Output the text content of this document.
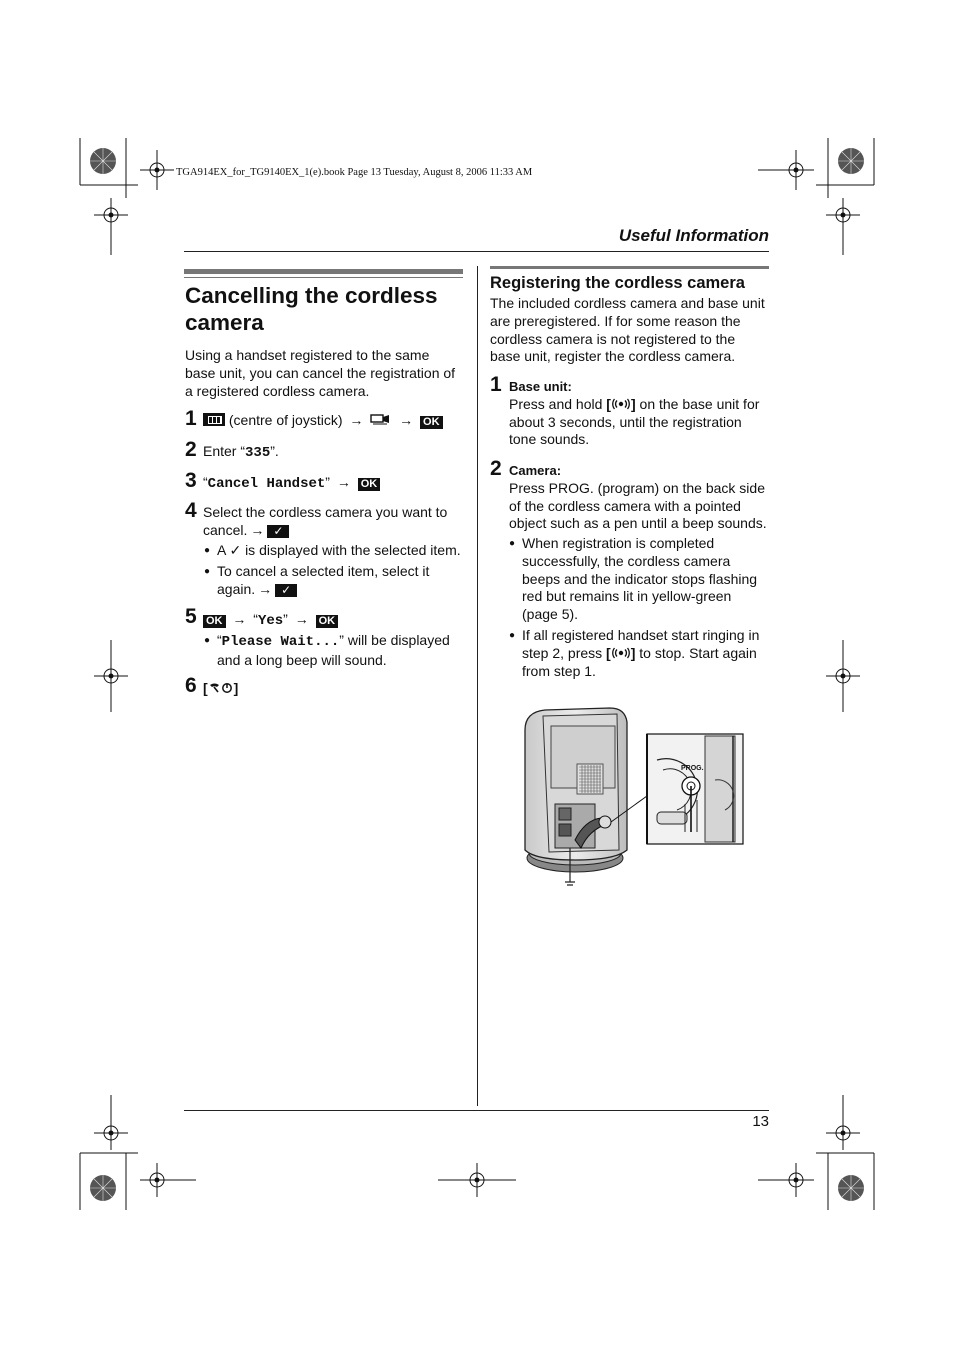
TGA914EX_for_TG9140EX_1(e).book Page 13 Tuesday, August 8, 2006 11:33 AM
Useful Information
13
Cancelling the cordless
camera
Using a handset registered to the same
base unit, you can cancel the registration of
a registered cordless camera.
1	(centre of joystick) →	→ OK
2 Enter “335”.
3 “Cancel Handset” → OK
4 Select the cordless camera you want to
cancel. → ✓
● A ✓ is displayed with the selected item.
● To cancel a selected item, select it
again. → ✓
5 OK → “Yes” → OK
● “Please Wait...” will be displayed
and a long beep will sound.
6 [ ]
Registering the cordless camera
The included cordless camera and base unit
are preregistered. If for some reason the
cordless camera is not registered to the
base unit, register the cordless camera.
1 Base unit:
Press and hold [ ] on the base unit for
about 3 seconds, until the registration
tone sounds.
2 Camera:
Press PROG. (program) on the back side
of the cordless camera with a pointed
object such as a pen until a beep sounds.
● When registration is completed
successfully, the cordless camera
beeps and the indicator stops flashing
red but remains lit in yellow-green
(page 5).
● If all registered handset start ringing in
step 2, press [ ] to stop. Start again
from step 1.
PROG.
